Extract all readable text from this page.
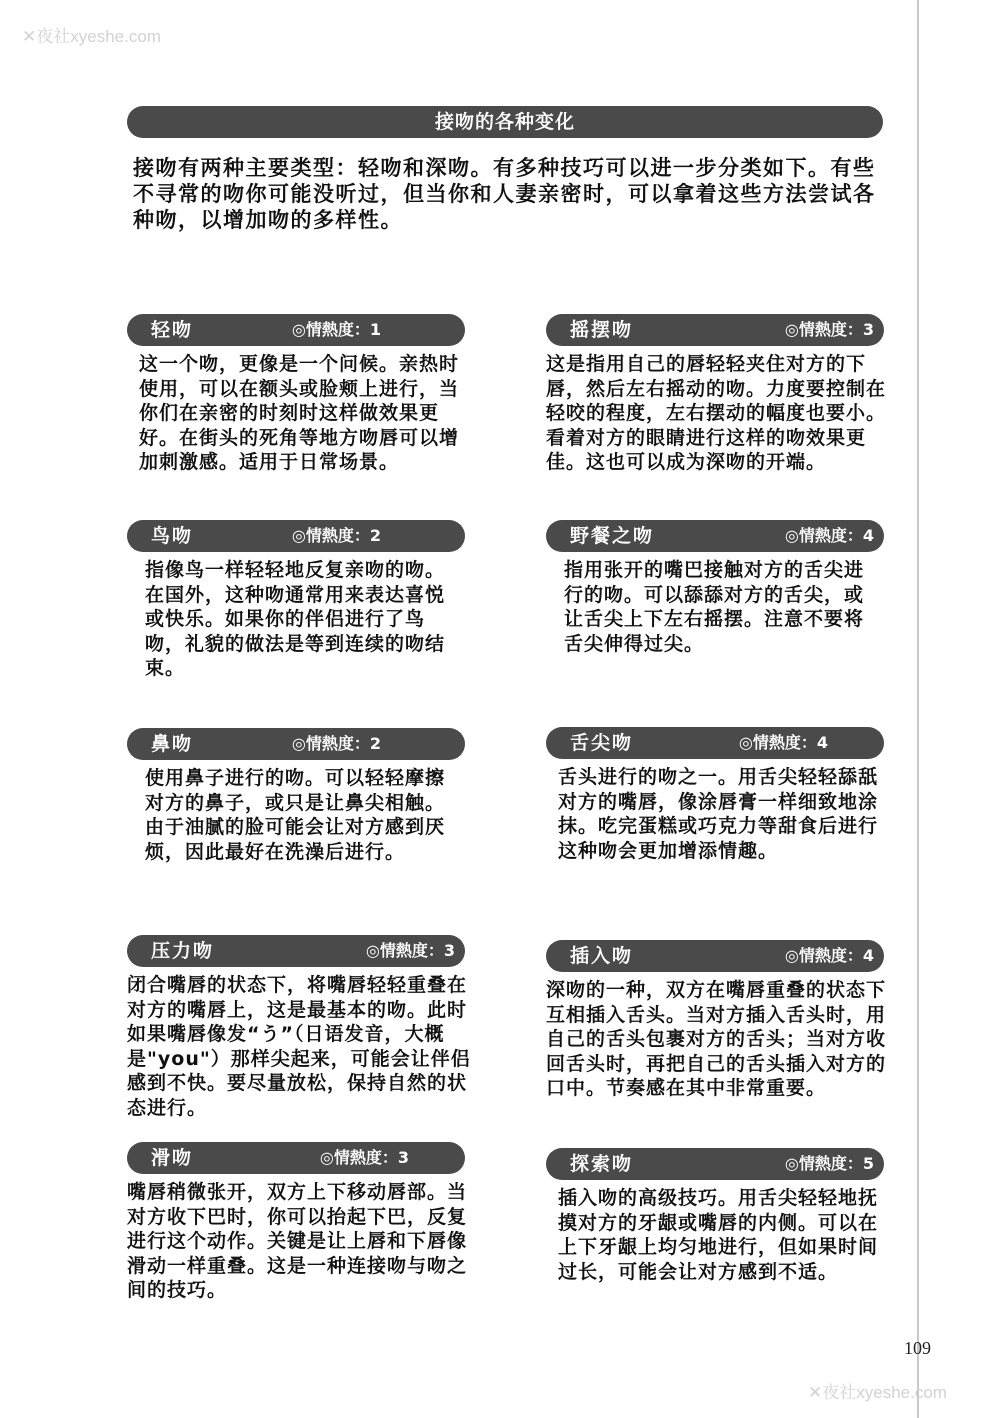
✕夜社xyeshe.com
✕夜社xyeshe.com
接吻的各种变化
接吻有两种主要类型：轻吻和深吻。有多种技巧可以进一步分类如下。有些不寻常的吻你可能没听过，但当你和人妻亲密时，可以拿着这些方法尝试各种吻，以增加吻的多样性。
轻吻	◎情熱度：1
这一个吻，更像是一个问候。亲热时使用，可以在额头或脸颊上进行，当你们在亲密的时刻时这样做效果更好。在街头的死角等地方吻唇可以增加刺激感。适用于日常场景。
鸟吻	◎情熱度：2
指像鸟一样轻轻地反复亲吻的吻。在国外，这种吻通常用来表达喜悦或快乐。如果你的伴侣进行了鸟吻，礼貌的做法是等到连续的吻结束。
鼻吻	◎情熱度：2
使用鼻子进行的吻。可以轻轻摩擦对方的鼻子，或只是让鼻尖相触。由于油腻的脸可能会让对方感到厌烦，因此最好在洗澡后进行。
压力吻	◎情熱度：3
闭合嘴唇的状态下，将嘴唇轻轻重叠在对方的嘴唇上，这是最基本的吻。此时如果嘴唇像发“う”（日语发音，大概是"you"）那样尖起来，可能会让伴侣感到不快。要尽量放松，保持自然的状态进行。
滑吻	◎情熱度：3
嘴唇稍微张开，双方上下移动唇部。当对方收下巴时，你可以抬起下巴，反复进行这个动作。关键是让上唇和下唇像滑动一样重叠。这是一种连接吻与吻之间的技巧。
摇摆吻	◎情熱度：3
这是指用自己的唇轻轻夹住对方的下唇，然后左右摇动的吻。力度要控制在轻咬的程度，左右摆动的幅度也要小。看着对方的眼睛进行这样的吻效果更佳。这也可以成为深吻的开端。
野餐之吻	◎情熱度：4
指用张开的嘴巴接触对方的舌尖进行的吻。可以舔舔对方的舌尖，或让舌尖上下左右摇摆。注意不要将舌尖伸得过尖。
舌尖吻	◎情熱度：4
舌头进行的吻之一。用舌尖轻轻舔舐对方的嘴唇，像涂唇膏一样细致地涂抹。吃完蛋糕或巧克力等甜食后进行这种吻会更加增添情趣。
插入吻	◎情熱度：4
深吻的一种，双方在嘴唇重叠的状态下互相插入舌头。当对方插入舌头时，用自己的舌头包裹对方的舌头；当对方收回舌头时，再把自己的舌头插入对方的口中。节奏感在其中非常重要。
探索吻	◎情熱度：5
插入吻的高级技巧。用舌尖轻轻地抚摸对方的牙龈或嘴唇的内侧。可以在上下牙龈上均匀地进行，但如果时间过长，可能会让对方感到不适。
109
